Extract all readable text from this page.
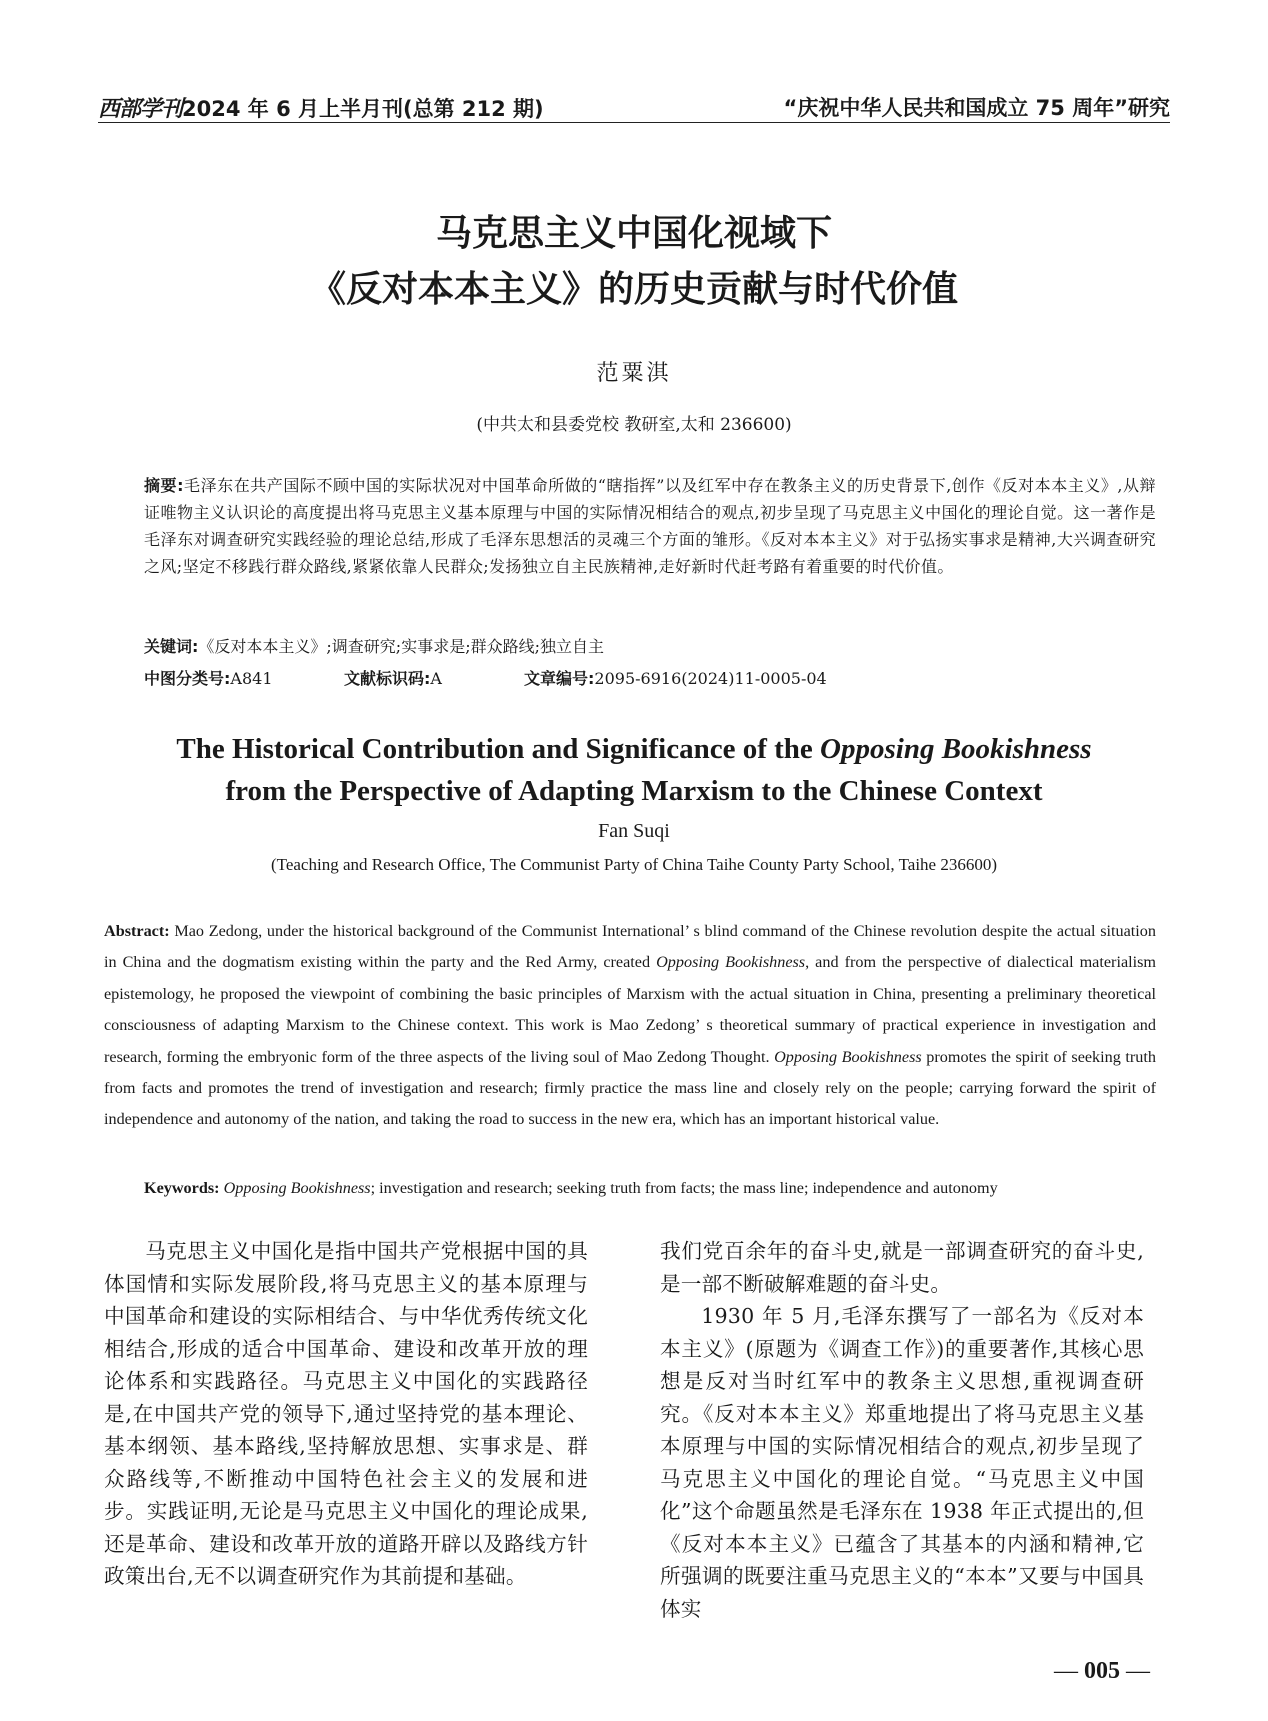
西部学刊2024 年 6 月上半月刊(总第 212 期)	“庆祝中华人民共和国成立 75 周年”研究
马克思主义中国化视域下
《反对本本主义》的历史贡献与时代价值
范粟淇
(中共太和县委党校 教研室,太和 236600)
摘要:毛泽东在共产国际不顾中国的实际状况对中国革命所做的“瞎指挥”以及红军中存在教条主义的历史背景下,创作《反对本本主义》,从辩证唯物主义认识论的高度提出将马克思主义基本原理与中国的实际情况相结合的观点,初步呈现了马克思主义中国化的理论自觉。这一著作是毛泽东对调查研究实践经验的理论总结,形成了毛泽东思想活的灵魂三个方面的雏形。《反对本本主义》对于弘扬实事求是精神,大兴调查研究之风;坚定不移践行群众路线,紧紧依靠人民群众;发扬独立自主民族精神,走好新时代赶考路有着重要的时代价值。
关键词:《反对本本主义》;调查研究;实事求是;群众路线;独立自主
中图分类号:A841	文献标识码:A	文章编号:2095-6916(2024)11-0005-04
The Historical Contribution and Significance of the Opposing Bookishness
from the Perspective of Adapting Marxism to the Chinese Context
Fan Suqi
(Teaching and Research Office, The Communist Party of China Taihe County Party School, Taihe 236600)
Abstract: Mao Zedong, under the historical background of the Communist International’ s blind command of the Chinese revolution despite the actual situation in China and the dogmatism existing within the party and the Red Army, created Opposing Bookishness, and from the perspective of dialectical materialism epistemology, he proposed the viewpoint of combining the basic principles of Marxism with the actual situation in China, presenting a preliminary theoretical consciousness of adapting Marxism to the Chinese context. This work is Mao Zedong’ s theoretical summary of practical experience in investigation and research, forming the embryonic form of the three aspects of the living soul of Mao Zedong Thought. Opposing Bookishness promotes the spirit of seeking truth from facts and promotes the trend of investigation and research; firmly practice the mass line and closely rely on the people; carrying forward the spirit of independence and autonomy of the nation, and taking the road to success in the new era, which has an important historical value.
Keywords: Opposing Bookishness; investigation and research; seeking truth from facts; the mass line; independence and autonomy

马克思主义中国化是指中国共产党根据中国的具体国情和实际发展阶段,将马克思主义的基本原理与中国革命和建设的实际相结合、与中华优秀传统文化相结合,形成的适合中国革命、建设和改革开放的理论体系和实践路径。马克思主义中国化的实践路径是,在中国共产党的领导下,通过坚持党的基本理论、基本纲领、基本路线,坚持解放思想、实事求是、群众路线等,不断推动中国特色社会主义的发展和进步。实践证明,无论是马克思主义中国化的理论成果,还是革命、建设和改革开放的道路开辟以及路线方针政策出台,无不以调查研究作为其前提和基础。

我们党百余年的奋斗史,就是一部调查研究的奋斗史,是一部不断破解难题的奋斗史。

1930 年 5 月,毛泽东撰写了一部名为《反对本本主义》(原题为《调查工作》)的重要著作,其核心思想是反对当时红军中的教条主义思想,重视调查研究。《反对本本主义》郑重地提出了将马克思主义基本原理与中国的实际情况相结合的观点,初步呈现了马克思主义中国化的理论自觉。“马克思主义中国化”这个命题虽然是毛泽东在 1938 年正式提出的,但《反对本本主义》已蕴含了其基本的内涵和精神,它所强调的既要注重马克思主义的“本本”又要与中国具体实

— 005 —
